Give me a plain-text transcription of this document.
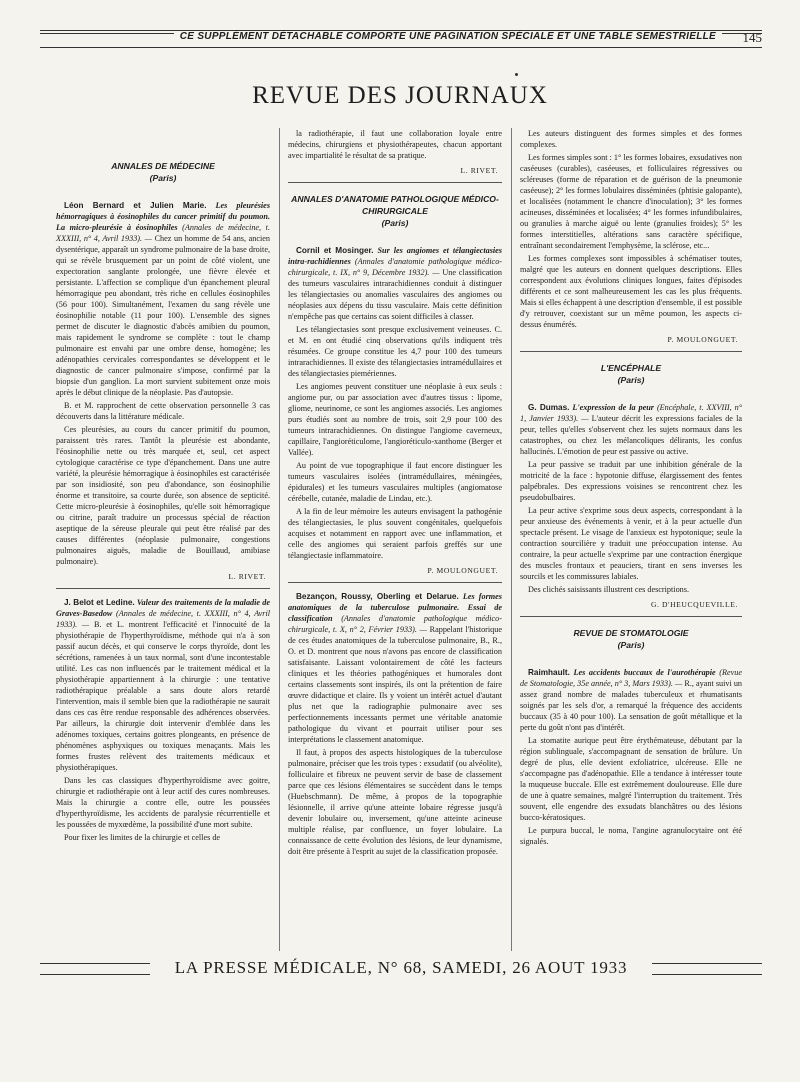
CE SUPPLÉMENT DÉTACHABLE COMPORTE UNE PAGINATION SPÉCIALE ET UNE TABLE SEMESTRIELLE	145
REVUE DES JOURNAUX
ANNALES DE MÉDECINE
(Paris)

Léon Bernard et Julien Marie. Les pleurésies hémorragiques à éosinophiles du cancer primitif du poumon. La micro-pleurésie à éosinophiles (Annales de médecine, t. XXXIII, n° 4, Avril 1933). — Chez un homme de 54 ans, ancien dysentérique, apparaît un syndrome pulmonaire de la base droite, qui se révèle brusquement par un point de côté violent, une expectoration sanglante prolongée, une fièvre élevée et persistante. L'affection se complique d'un épanchement pleural hémorragique peu abondant, très riche en cellules éosinophiles (56 pour 100). Simultanément, l'examen du sang révèle une éosinophilie notable (11 pour 100). L'ensemble des signes permet de discuter le diagnostic d'abcès amibien du poumon, mais rapidement le syndrome se complète : tout le champ pulmonaire est envahi par une ombre dense, homogène; les adénopathies cervicales correspondantes se développent et le diagnostic de cancer pulmonaire s'impose, confirmé par la biopsie d'un ganglion. La mort survient subitement onze mois après le début clinique de la néoplasie. Pas d'autopsie.

B. et M. rapprochent de cette observation personnelle 3 cas découverts dans la littérature médicale.

Ces pleurésies, au cours du cancer primitif du poumon, paraissent très rares. Tantôt la pleurésie est abondante, l'éosinophilie nette ou très marquée et, seul, cet aspect cytologique caractérise ce type d'épanchement. Dans une autre variété, la pleurésie hémorragique à éosinophiles est caractérisée par son insidiosité, son peu d'abondance, son éosinophilie énorme et transitoire, sa courte durée, son absence de septicité. Cette micro-pleurésie à éosinophiles, qu'elle soit hémorragique ou citrine, paraît traduire un processus spécial de réaction aseptique de la séreuse pleurale qui peut être réalisé par des causes différentes (néoplasie pulmonaire, congestions pulmonaires aiguës, maladie de Bouillaud, amibiase pulmonaire).

L. RIVET.

J. Belot et Ledine. Valeur des traitements de la maladie de Graves-Basedow (Annales de médecine, t. XXXIII, n° 4, Avril 1933). — B. et L. montrent l'efficacité et l'innocuité de la physiothérapie de l'hyperthyroïdisme, méthode qui n'a à son passif aucun décès, et qui conserve le corps thyroïde, dont les sécrétions, ramenées à un taux normal, sont d'une incontestable utilité. Les cas non influencés par le traitement médical et la physiothérapie appartiennent à la chirurgie : une tentative radiothérapique préalable a sans doute alors retardé l'intervention, mais il semble bien que la radiothérapie ne saurait dans ces cas être rendue responsable des adhérences observées. Par ailleurs, la chirurgie doit intervenir d'emblée dans les adénomes toxiques, certains goitres plongeants, en présence de phénomènes asphyxiques ou toxiques menaçants. Mais les formes frustes relèvent des traitements médicaux et physiothérapiques.

Dans les cas classiques d'hyperthyroïdisme avec goitre, chirurgie et radiothérapie ont à leur actif des cures nombreuses. Mais la chirurgie a contre elle, outre les poussées d'hyperthyroïdisme, les accidents de paralysie récurrentielle et les poussées de myxœdème, la possibilité d'une mort subite.

Pour fixer les limites de la chirurgie et celles de

la radiothérapie, il faut une collaboration loyale entre médecins, chirurgiens et physiothérapeutes, chacun apportant avec impartialité le résultat de sa pratique.

L. RIVET.
ANNALES D'ANATOMIE PATHOLOGIQUE MÉDICO-CHIRURGICALE
(Paris)

Cornil et Mosinger. Sur les angiomes et télangiectasies intra-rachidiennes (Annales d'anatomie pathologique médico-chirurgicale, t. IX, n° 9, Décembre 1932). — Une classification des tumeurs vasculaires intrarachidiennes conduit à distinguer les télangiectasies ou anomalies vasculaires des angiomes ou néoplasies aux dépens du tissu vasculaire. Mais cette définition n'empêche pas que certains cas soient difficiles à classer.

Les télangiectasies sont presque exclusivement veineuses. C. et M. en ont étudié cinq observations qu'ils indiquent très résumées. Ce groupe constitue les 4,7 pour 100 des tumeurs intrarachidiennes. Il existe des télangiectasies intramédullaires et des télangiectasies piemériennes.

Les angiomes peuvent constituer une néoplasie à eux seuls : angiome pur, ou par association avec d'autres tissus : lipome, gliome, neurinome, ce sont les angiomes associés. Les angiomes purs étudiés sont au nombre de trois, soit 2,9 pour 100 des tumeurs intrarachidiennes. On distingue l'angiome caverneux, capillaire, l'angioréticulome, l'angioréticulo-xanthome (Berger et Vallée).

Au point de vue topographique il faut encore distinguer les tumeurs vasculaires isolées (intramédullaires, méningées, épidurales) et les tumeurs vasculaires multiples (angiomatose cérébelle, cutanée, maladie de Lindau, etc.).

A la fin de leur mémoire les auteurs envisagent la pathogénie des télangiectasies, le plus souvent congénitales, quelquefois acquises et notamment en rapport avec une inflammation, et celle des angiomes qui seraient parfois greffés sur une télangiectasie inflammatoire.

P. MOULONGUET.

Bezançon, Roussy, Oberling et Delarue. Les formes anatomiques de la tuberculose pulmonaire. Essai de classification (Annales d'anatomie pathologique médico-chirurgicale, t. X, n° 2, Février 1933). — Rappelant l'historique de ces études anatomiques de la tuberculose pulmonaire, B., R., O. et D. montrent que nous n'avons pas encore de classification satisfaisante. Laissant volontairement de côté les facteurs cliniques et les théories pathogéniques et humorales dont certains classements sont inspirés, ils ont la prétention de faire œuvre didactique et claire. Ils y voient un intérêt actuel d'autant plus net que la radiographie pulmonaire avec ses perfectionnements incessants permet une véritable anatomie pathologique du vivant et pourrait utiliser pour ses interprétations le classement anatomique.

Il faut, à propos des aspects histologiques de la tuberculose pulmonaire, préciser que les trois types : exsudatif (ou alvéolite), folliculaire et fibreux ne peuvent servir de base de classement parce que ces lésions élémentaires se succèdent dans le temps (Huebschmann). De même, à propos de la topographie lésionnelle, il arrive qu'une atteinte lobaire régresse jusqu'à devenir lobulaire ou, inversement, qu'une atteinte acineuse multiple réalise, par confluence, un foyer lobulaire. La connaissance de cette évolution des lésions, de leur dynamisme, doit être présente à l'esprit au sujet de la classification proposée.

Les auteurs distinguent des formes simples et des formes complexes.

Les formes simples sont : 1° les formes lobaires, exsudatives non caséeuses (curables), caséeuses, et folliculaires régressives ou scléreuses (forme de réparation et de guérison de la pneumonie caséeuse); 2° les formes lobulaires disséminées (phtisie galopante), et localisées (notamment le chancre d'inoculation); 3° les formes acineuses, disséminées et localisées; 4° les formes infundibulaires, ou granulies à marche aiguë ou lente (granulies froides); 5° les formes interstitielles, altérations sans caractère spécifique, entraînant secondairement l'emphysème, la sclérose, etc...

Les formes complexes sont impossibles à schématiser toutes, malgré que les auteurs en donnent quelques descriptions. Elles correspondent aux évolutions cliniques longues, faites d'épisodes différents et ce sont malheureusement les cas les plus fréquents. Mais si elles échappent à une description d'ensemble, il est possible d'y retrouver, coexistant sur un même poumon, les aspects ci-dessus énumérés.

P. MOULONGUET.
L'ENCÉPHALE
(Paris)

G. Dumas. L'expression de la peur (Encéphale, t. XXVIII, n° 1, Janvier 1933). — L'auteur décrit les expressions faciales de la peur, telles qu'elles s'observent chez les sujets normaux dans les catastrophes, ou chez les mélancoliques délirants, les confus hallucinés. L'émotion de peur est passive ou active.

La peur passive se traduit par une inhibition générale de la motricité de la face : hypotonie diffuse, élargissement des fentes palpébrales. Des expressions voisines se rencontrent chez les pseudobulbaires.

La peur active s'exprime sous deux aspects, correspondant à la peur anxieuse des événements à venir, et à la peur actuelle d'un spectacle présent. Le visage de l'anxieux est hypotonique; seule la contraction sourcilière y traduit une préoccupation intense. Au contraire, la peur actuelle s'exprime par une contraction énergique des muscles frontaux et peauciers, tirant en sens inverses les sourcils et les commissures labiales.

Des clichés saisissants illustrent ces descriptions.

G. D'HEUCQUEVILLE.
REVUE DE STOMATOLOGIE
(Paris)

Raimhault. Les accidents buccaux de l'aurothérapie (Revue de Stomatologie, 35e année, n° 3, Mars 1933). — R., ayant suivi un assez grand nombre de malades tuberculeux et rhumatisants soignés par les sels d'or, a remarqué la fréquence des accidents buccaux (35 à 40 pour 100). La sensation de goût métallique et la perte du goût n'ont pas d'intérêt.

La stomatite aurique peut être érythémateuse, débutant par la région sublinguale, s'accompagnant de sensation de brûlure. Un degré de plus, elle devient exfoliatrice, ulcéreuse. Elle ne s'accompagne pas d'adénopathie. Elle a tendance à intéresser toute la muqueuse buccale. Elle est extrêmement douloureuse. Elle dure de une à quatre semaines, malgré l'interruption du traitement. Très souvent, elle engendre des exsudats blanchâtres ou des lésions bucco-kératosiques.

Le purpura buccal, le noma, l'angine agranulocytaire ont été signalés.

LA PRESSE MÉDICALE, N° 68, SAMEDI, 26 AOUT 1933
